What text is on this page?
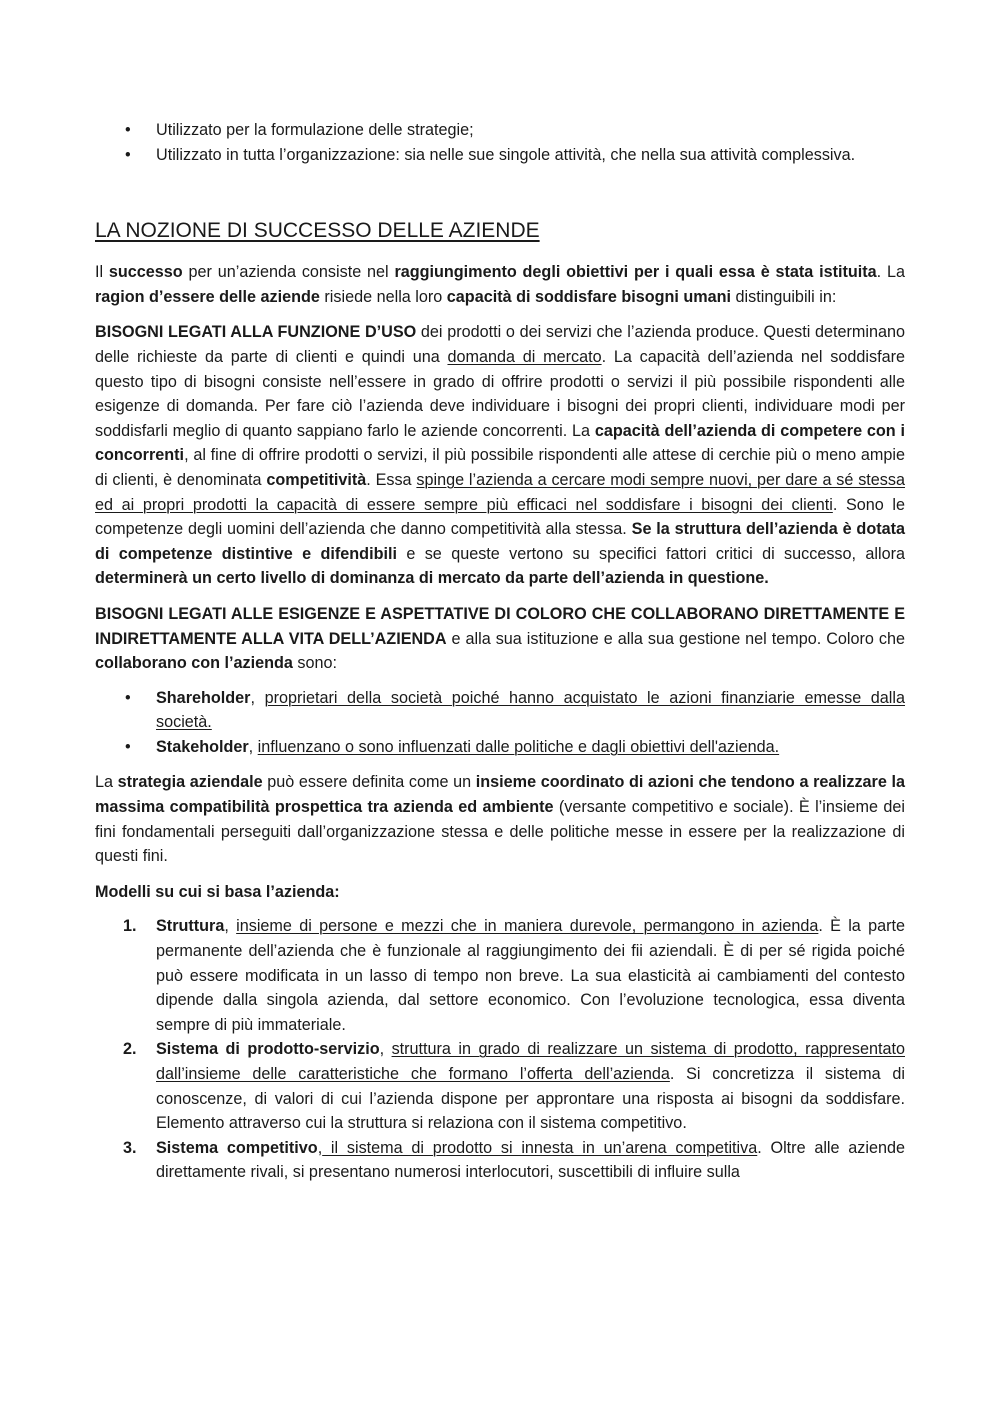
• Utilizzato per la formulazione delle strategie;
• Utilizzato in tutta l’organizzazione: sia nelle sue singole attività, che nella sua attività complessiva.
LA NOZIONE DI SUCCESSO DELLE AZIENDE

Il successo per un’azienda consiste nel raggiungimento degli obiettivi per i quali essa è stata istituita. La ragion d’essere delle aziende risiede nella loro capacità di soddisfare bisogni umani distinguibili in:

BISOGNI LEGATI ALLA FUNZIONE D’USO dei prodotti o dei servizi che l’azienda produce. Questi determinano delle richieste da parte di clienti e quindi una domanda di mercato. La capacità dell’azienda nel soddisfare questo tipo di bisogni consiste nell’essere in grado di offrire prodotti o servizi il più possibile rispondenti alle esigenze di domanda. Per fare ciò l’azienda deve individuare i bisogni dei propri clienti, individuare modi per soddisfarli meglio di quanto sappiano farlo le aziende concorrenti. La capacità dell’azienda di competere con i concorrenti, al fine di offrire prodotti o servizi, il più possibile rispondenti alle attese di cerchie più o meno ampie di clienti, è denominata competitività. Essa spinge l’azienda a cercare modi sempre nuovi, per dare a sé stessa ed ai propri prodotti la capacità di essere sempre più efficaci nel soddisfare i bisogni dei clienti. Sono le competenze degli uomini dell’azienda che danno competitività alla stessa. Se la struttura dell’azienda è dotata di competenze distintive e difendibili e se queste vertono su specifici fattori critici di successo, allora determinerà un certo livello di dominanza di mercato da parte dell’azienda in questione.

BISOGNI LEGATI ALLE ESIGENZE E ASPETTATIVE DI COLORO CHE COLLABORANO DIRETTAMENTE E INDIRETTAMENTE ALLA VITA DELL’AZIENDA e alla sua istituzione e alla sua gestione nel tempo. Coloro che collaborano con l’azienda sono:

• Shareholder, proprietari della società poiché hanno acquistato le azioni finanziarie emesse dalla società.
• Stakeholder, influenzano o sono influenzati dalle politiche e dagli obiettivi dell'azienda.

La strategia aziendale può essere definita come un insieme coordinato di azioni che tendono a realizzare la massima compatibilità prospettica tra azienda ed ambiente (versante competitivo e sociale). È l’insieme dei fini fondamentali perseguiti dall’organizzazione stessa e delle politiche messe in essere per la realizzazione di questi fini.

Modelli su cui si basa l’azienda:

1. Struttura, insieme di persone e mezzi che in maniera durevole, permangono in azienda. È la parte permanente dell’azienda che è funzionale al raggiungimento dei fii aziendali. È di per sé rigida poiché può essere modificata in un lasso di tempo non breve. La sua elasticità ai cambiamenti del contesto dipende dalla singola azienda, dal settore economico. Con l’evoluzione tecnologica, essa diventa sempre di più immateriale.
2. Sistema di prodotto-servizio, struttura in grado di realizzare un sistema di prodotto, rappresentato dall’insieme delle caratteristiche che formano l’offerta dell’azienda. Si concretizza il sistema di conoscenze, di valori di cui l’azienda dispone per approntare una risposta ai bisogni da soddisfare. Elemento attraverso cui la struttura si relaziona con il sistema competitivo.
3. Sistema competitivo, il sistema di prodotto si innesta in un’arena competitiva. Oltre alle aziende direttamente rivali, si presentano numerosi interlocutori, suscettibili di influire sulla
